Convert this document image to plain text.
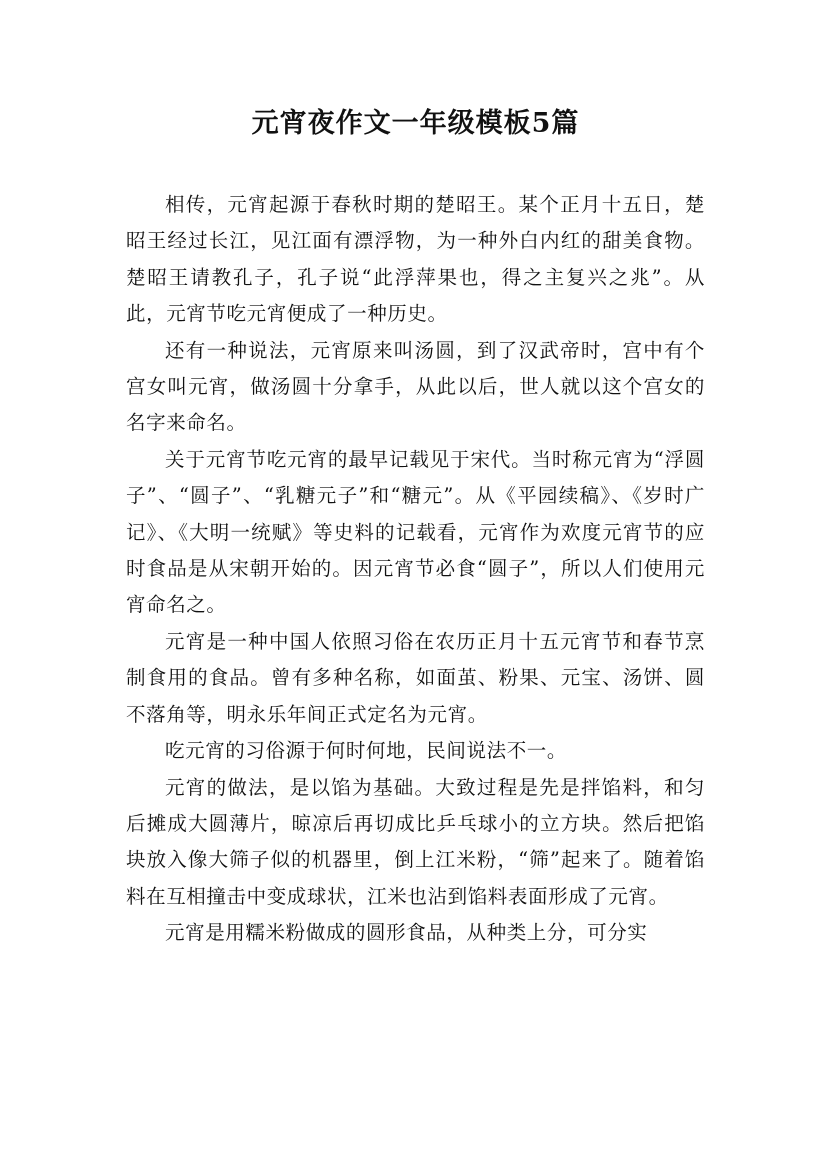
元宵夜作文一年级模板5篇

相传，元宵起源于春秋时期的楚昭王。某个正月十五日，楚昭王经过长江，见江面有漂浮物，为一种外白内红的甜美食物。楚昭王请教孔子，孔子说“此浮萍果也，得之主复兴之兆”。从此，元宵节吃元宵便成了一种历史。

还有一种说法，元宵原来叫汤圆，到了汉武帝时，宫中有个宫女叫元宵，做汤圆十分拿手，从此以后，世人就以这个宫女的名字来命名。

关于元宵节吃元宵的最早记载见于宋代。当时称元宵为“浮圆子”、“圆子”、“乳糖元子”和“糖元”。从《平园续稿》、《岁时广记》、《大明一统赋》等史料的记载看，元宵作为欢度元宵节的应时食品是从宋朝开始的。因元宵节必食“圆子”，所以人们使用元宵命名之。

元宵是一种中国人依照习俗在农历正月十五元宵节和春节烹制食用的食品。曾有多种名称，如面茧、粉果、元宝、汤饼、圆不落角等，明永乐年间正式定名为元宵。

吃元宵的习俗源于何时何地，民间说法不一。

元宵的做法，是以馅为基础。大致过程是先是拌馅料，和匀后摊成大圆薄片，晾凉后再切成比乒乓球小的立方块。然后把馅块放入像大筛子似的机器里，倒上江米粉，“筛”起来了。随着馅料在互相撞击中变成球状，江米也沾到馅料表面形成了元宵。

元宵是用糯米粉做成的圆形食品，从种类上分，可分实
